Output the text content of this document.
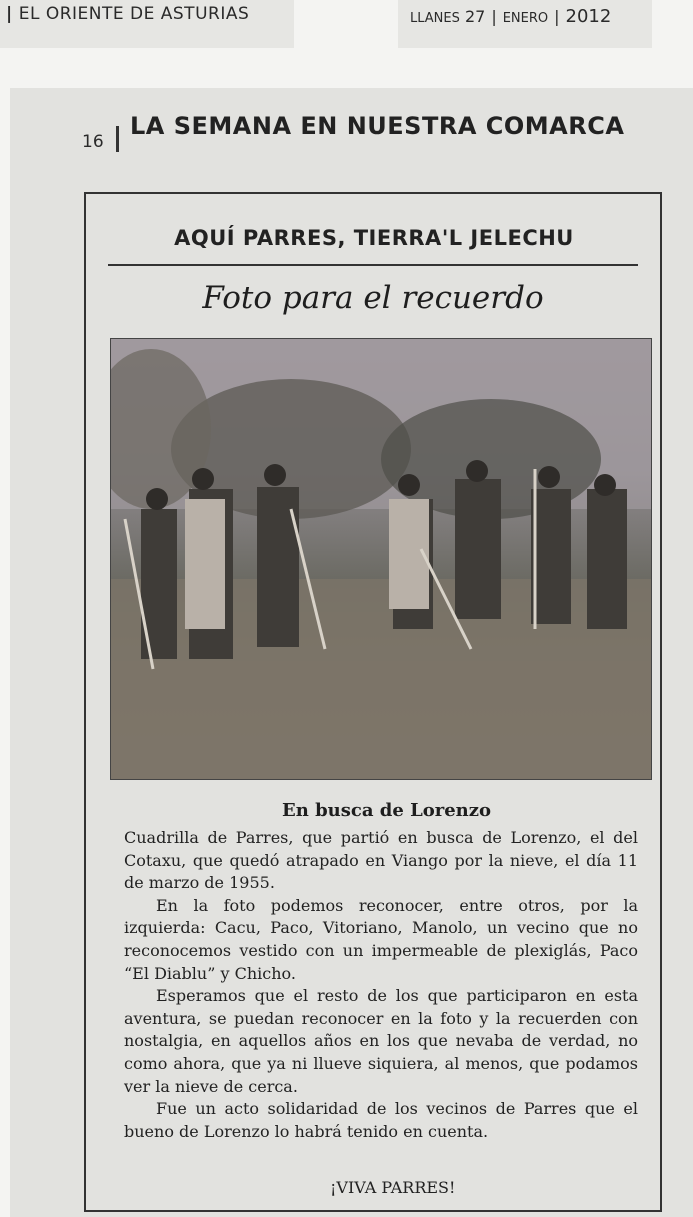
| EL ORIENTE DE ASTURIAS	LLANES 27 | ENERO | 2012
16
LA SEMANA EN NUESTRA COMARCA
AQUÍ PARRES, TIERRA'L JELECHU
Foto para el recuerdo
En busca de Lorenzo

Cuadrilla de Parres, que partió en busca de Lorenzo, el del Cotaxu, que quedó atrapado en Viango por la nieve, el día 11 de marzo de 1955.

En la foto podemos reconocer, entre otros, por la izquierda: Cacu, Paco, Vitoriano, Manolo, un vecino que no reconocemos vestido con un impermeable de plexiglás, Paco “El Diablu” y Chicho.

Esperamos que el resto de los que participaron en esta aventura, se puedan reconocer en la foto y la recuerden con nostalgia, en aquellos años en los que nevaba de verdad, no como ahora, que ya ni llueve siquiera, al menos, que podamos ver la nieve de cerca.

Fue un acto solidaridad de los vecinos de Parres que el bueno de Lorenzo lo habrá tenido en cuenta.

¡VIVA PARRES!
